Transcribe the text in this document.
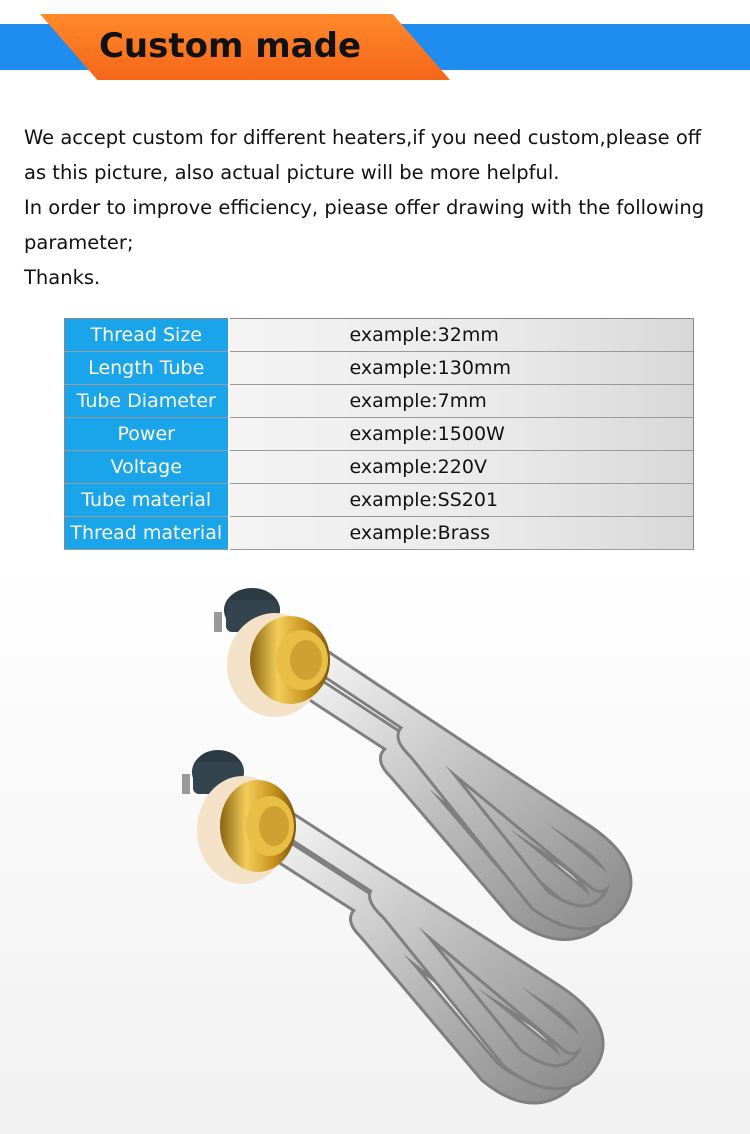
Custom made

We accept custom for different heaters,if you need custom,please off

as this picture, also actual picture will be more helpful.

In order to improve efficiency, piease offer drawing with the following

parameter;

Thanks.

Thread Size	example:32mm
Length Tube	example:130mm
Tube Diameter	example:7mm
Power	example:1500W
Voltage	example:220V
Tube material	example:SS201
Thread material	example:Brass
